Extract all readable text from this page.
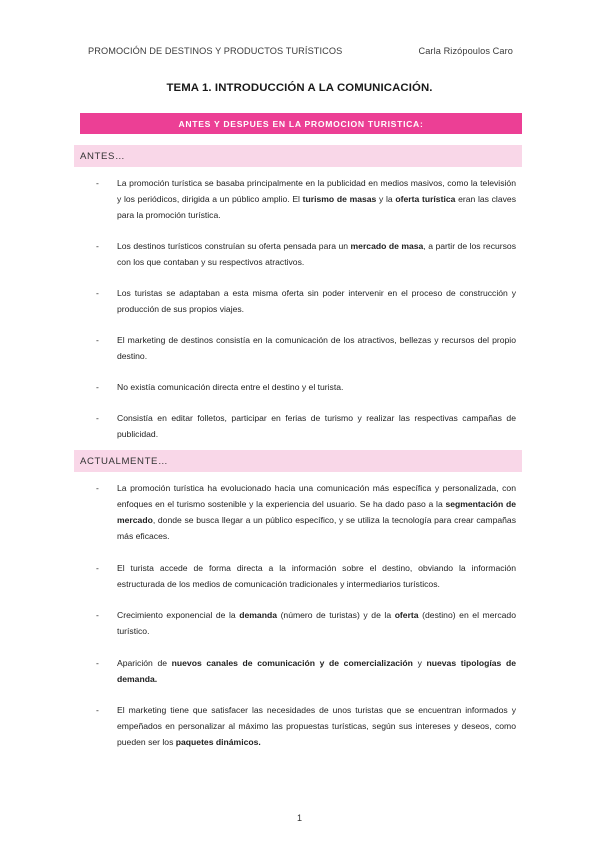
PROMOCIÓN DE DESTINOS Y PRODUCTOS TURÍSTICOS	Carla Rizópoulos Caro
TEMA 1. INTRODUCCIÓN A LA COMUNICACIÓN.
ANTES Y DESPUES EN LA PROMOCION TURISTICA:
ANTES…
-	La promoción turística se basaba principalmente en la publicidad en medios masivos, como la televisión y los periódicos, dirigida a un público amplio. El turismo de masas y la oferta turística eran las claves para la promoción turística.
-	Los destinos turísticos construían su oferta pensada para un mercado de masa, a partir de los recursos con los que contaban y su respectivos atractivos.
-	Los turistas se adaptaban a esta misma oferta sin poder intervenir en el proceso de construcción y producción de sus propios viajes.
-	El marketing de destinos consistía en la comunicación de los atractivos, bellezas y recursos del propio destino.
-	No existía comunicación directa entre el destino y el turista.
-	Consistía en editar folletos, participar en ferias de turismo y realizar las respectivas campañas de publicidad.
ACTUALMENTE…
-	La promoción turística ha evolucionado hacia una comunicación más específica y personalizada, con enfoques en el turismo sostenible y la experiencia del usuario. Se ha dado paso a la segmentación de mercado, donde se busca llegar a un público específico, y se utiliza la tecnología para crear campañas más eficaces.
-	El turista accede de forma directa a la información sobre el destino, obviando la información estructurada de los medios de comunicación tradicionales y intermediarios turísticos.
-	Crecimiento exponencial de la demanda (número de turistas) y de la oferta (destino) en el mercado turístico.
-	Aparición de nuevos canales de comunicación y de comercialización y nuevas tipologías de demanda.
-	El marketing tiene que satisfacer las necesidades de unos turistas que se encuentran informados y empeñados en personalizar al máximo las propuestas turísticas, según sus intereses y deseos, como pueden ser los paquetes dinámicos.
1
